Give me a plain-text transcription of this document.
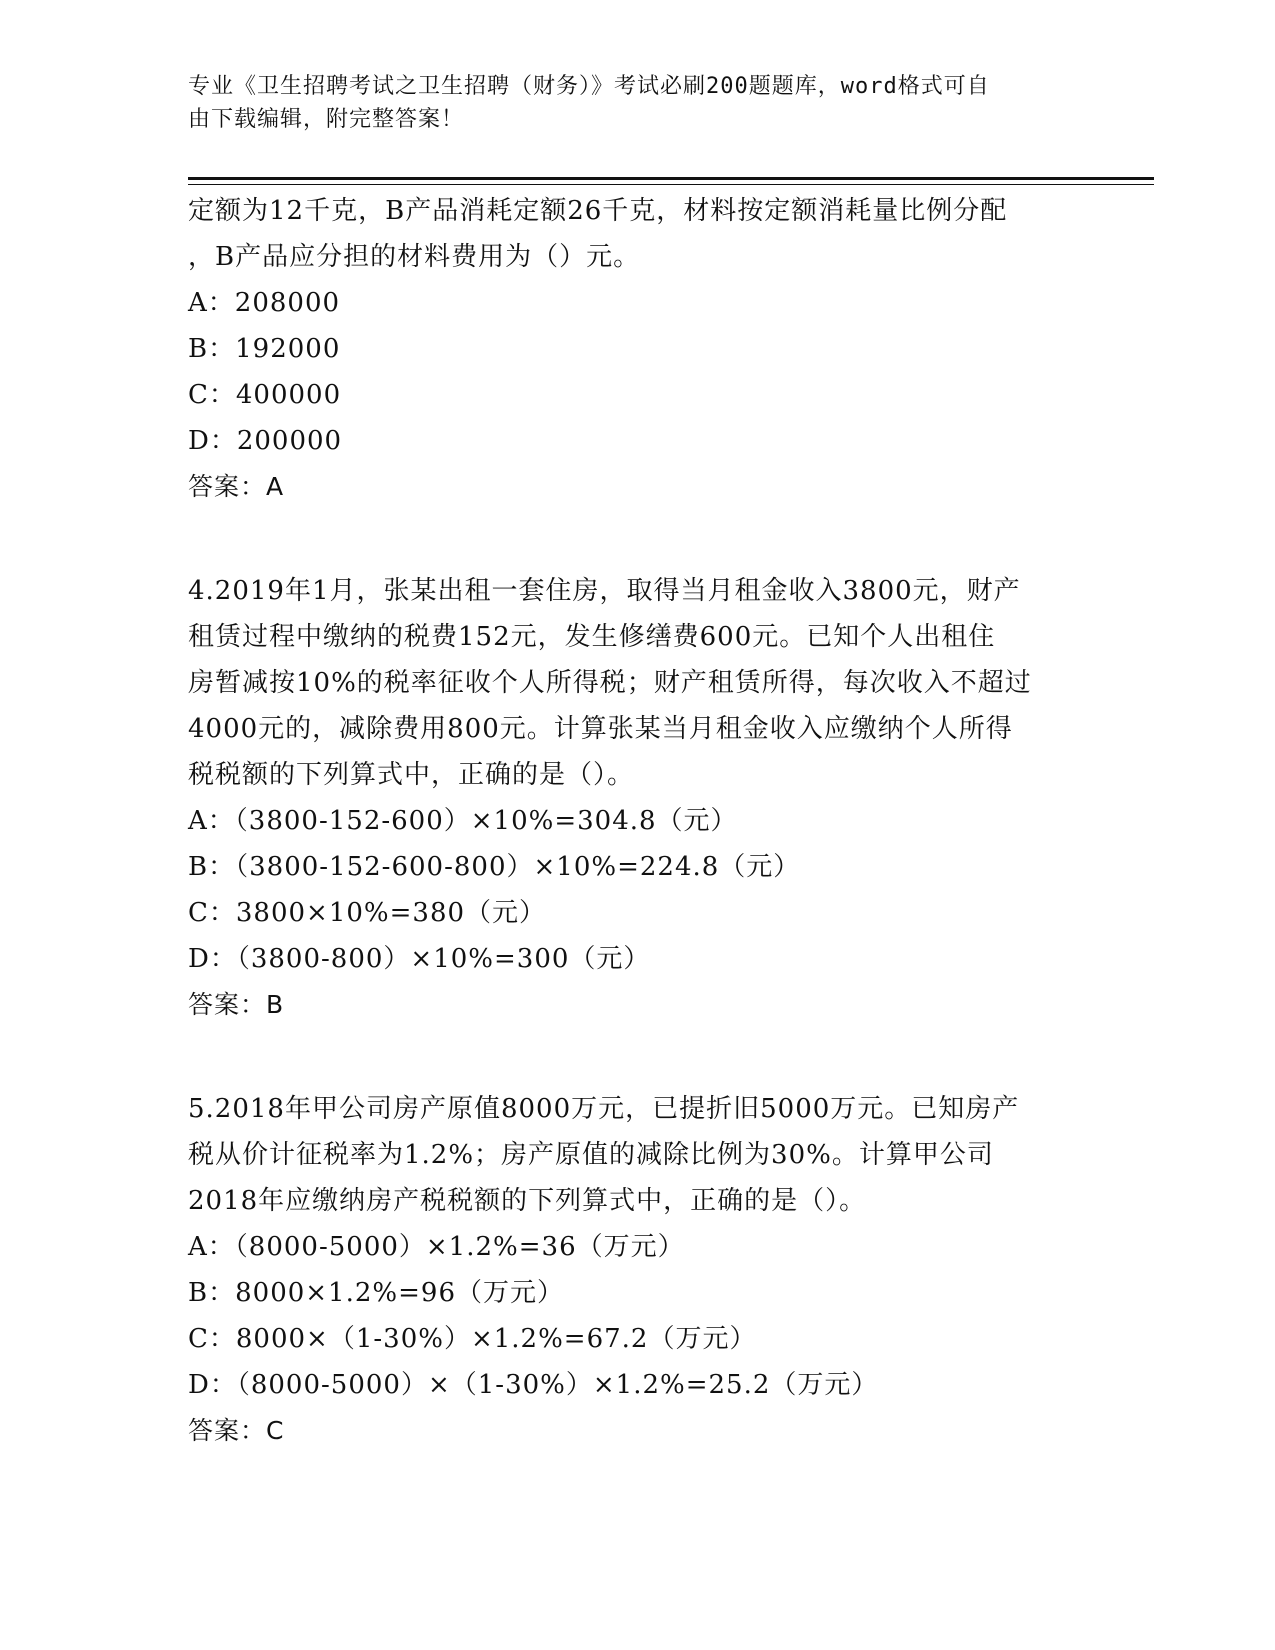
专业《卫生招聘考试之卫生招聘（财务）》考试必刷200题题库，word格式可自
由下载编辑，附完整答案！
定额为12千克，B产品消耗定额26千克，材料按定额消耗量比例分配
，B产品应分担的材料费用为（）元。
A：208000
B：192000
C：400000
D：200000
答案：A
4.2019年1月，张某出租一套住房，取得当月租金收入3800元，财产
租赁过程中缴纳的税费152元，发生修缮费600元。已知个人出租住
房暂减按10%的税率征收个人所得税；财产租赁所得，每次收入不超过
4000元的，减除费用800元。计算张某当月租金收入应缴纳个人所得
税税额的下列算式中，正确的是（）。
A：（3800-152-600）×10%=304.8（元）
B：（3800-152-600-800）×10%=224.8（元）
C：3800×10%=380（元）
D：（3800-800）×10%=300（元）
答案：B
5.2018年甲公司房产原值8000万元，已提折旧5000万元。已知房产
税从价计征税率为1.2%；房产原值的减除比例为30%。计算甲公司
2018年应缴纳房产税税额的下列算式中，正确的是（）。
A：（8000-5000）×1.2%=36（万元）
B：8000×1.2%=96（万元）
C：8000×（1-30%）×1.2%=67.2（万元）
D：（8000-5000）×（1-30%）×1.2%=25.2（万元）
答案：C
